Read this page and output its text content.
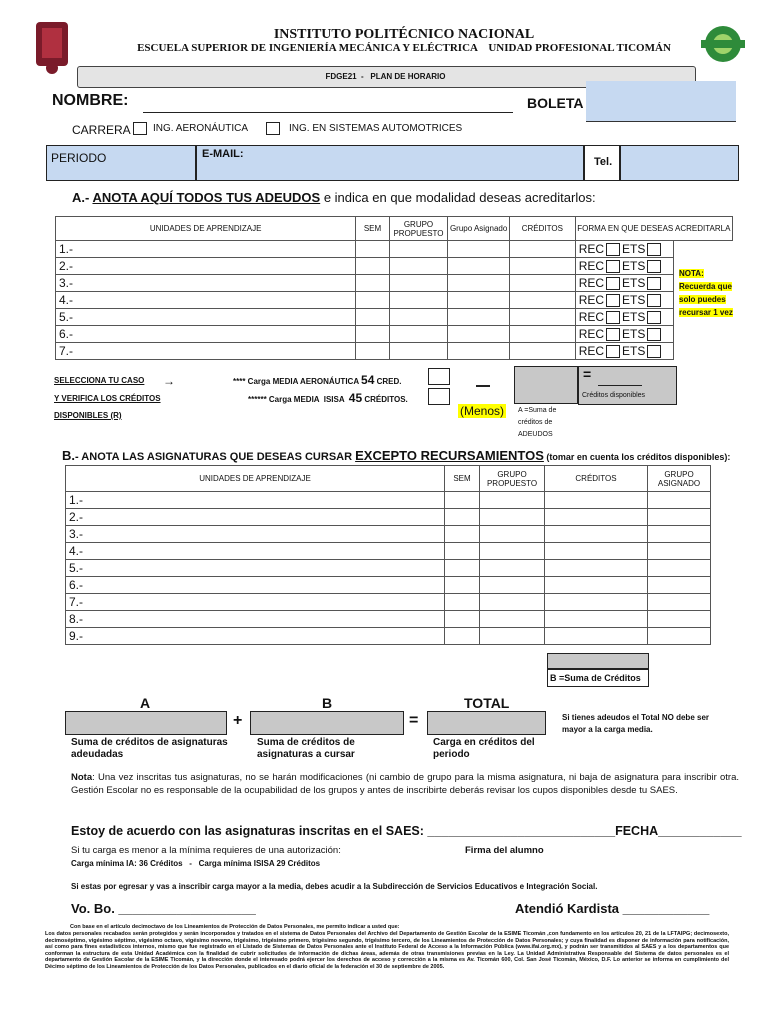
INSTITUTO POLITÉCNICO NACIONAL
ESCUELA SUPERIOR DE INGENIERÍA MECÁNICA Y ELÉCTRICA    UNIDAD PROFESIONAL TICOMÁN
FDGE21  -   PLAN DE HORARIO
NOMBRE:	BOLETA
CARRERA ING. AERONÁUTICA	ING. EN SISTEMAS AUTOMOTRICES
PERIODO	E-MAIL:
Tel.
A.- ANOTA AQUÍ TODOS TUS ADEUDOS e indica en que modalidad deseas acreditarlos:
UNIDADES DE APRENDIZAJE	SEM	GRUPO PROPUESTO	Grupo Asignado	CRÉDITOS	FORMA EN QUE DESEAS ACREDITARLA	
1.-					REC ETS	
2.-					REC ETS	
3.-					REC ETS	
4.-					REC ETS	
5.-					REC ETS	
6.-					REC ETS	
7.-					REC ETS	
NOTA: Recuerda que solo puedes recursar 1 vez
SELECCIONA TU CASO →
Y VERIFICA LOS CRÉDITOS
DISPONIBLES (R)
**** Carga MEDIA AERONÁUTICA 54 CRED.
****** Carga MEDIA  ISISA  45 CRÉDITOS.
(Menos) A =Suma de créditos de ADEUDOS
=
Créditos disponibles
B.- ANOTA LAS ASIGNATURAS QUE DESEAS CURSAR EXCEPTO RECURSAMIENTOS (tomar en cuenta los créditos disponibles):
UNIDADES DE APRENDIZAJE	SEM	GRUPO PROPUESTO	CRÉDITOS	GRUPO ASIGNADO
1.-				
2.-				
3.-				
4.-				
5.-				
6.-				
7.-				
8.-				
9.-				
B =Suma de Créditos
A	B	TOTAL
+	=
Suma de créditos de asignaturas adeudadas
Suma de créditos de asignaturas a cursar
Carga en créditos del periodo
Si tienes adeudos el Total NO debe ser mayor a la carga media.
Nota: Una vez inscritas tus asignaturas, no se harán modificaciones (ni cambio de grupo para la misma asignatura, ni baja de asignatura para inscribir otra. Gestión Escolar no es responsable de la ocupabilidad de los grupos y antes de inscribirte deberás revisar los cupos disponibles desde tu SAES.
Estoy de acuerdo con las asignaturas inscritas en el SAES: ___________________________FECHA____________
Si tu carga es menor a la mínima requieres de una autorización:	Firma del alumno
Carga mínima IA: 36 Créditos   -   Carga mínima ISISA 29 Créditos
Si estas por egresar y vas a inscribir carga mayor a la media, debes acudir a la Subdirección de Servicios Educativos e Integración Social.
Vo. Bo. ___________________	Atendió Kardista ____________
Con base en el artículo decimoctavo de los Lineamientos de Protección de Datos Personales, me permito indicar a usted que:
Los datos personales recabados serán protegidos y serán incorporados y tratados en el sistema de Datos Personales del Archivo del Departamento de Gestión Escolar de la ESIME Ticomán ,con fundamento en los artículos 20, 21 de la LFTAIPG; decimosexto, decimoséptimo, vigésimo séptimo, vigésimo octavo, vigésimo noveno, trigésimo, trigésimo primero, trigésimo segundo, trigésimo tercero, de los Lineamientos de Protección de Datos Personales; y cuya finalidad es disponer de información para notificación, así como para fines estadísticos internos, mismo que fue registrado en el Listado de Sistemas de Datos Personales ante el Instituto Federal de Acceso a la Información Pública (www.ifai.org.mx), y podrán ser transmitidos al SAES y a los departamentos que conforman la estructura de esta Unidad Académica con la finalidad de cubrir solicitudes de información de dichas áreas, además de otras transmisiones previas en la Ley. La Unidad Administrativa Responsable del Sistema de datos personales es el departamento de Gestión Escolar de la ESIME Ticomán, y la dirección donde el interesado podrá ejercer los derechos de acceso y corrección a la misma es Av. Ticomán 600, Col. San José Ticomán, México, D.F. Lo anterior se informa en cumplimiento del Décimo séptimo de los Lineamientos de Protección de los Datos Personales, publicados en el diario oficial de la federación el 30 de septiembre de 2005.
